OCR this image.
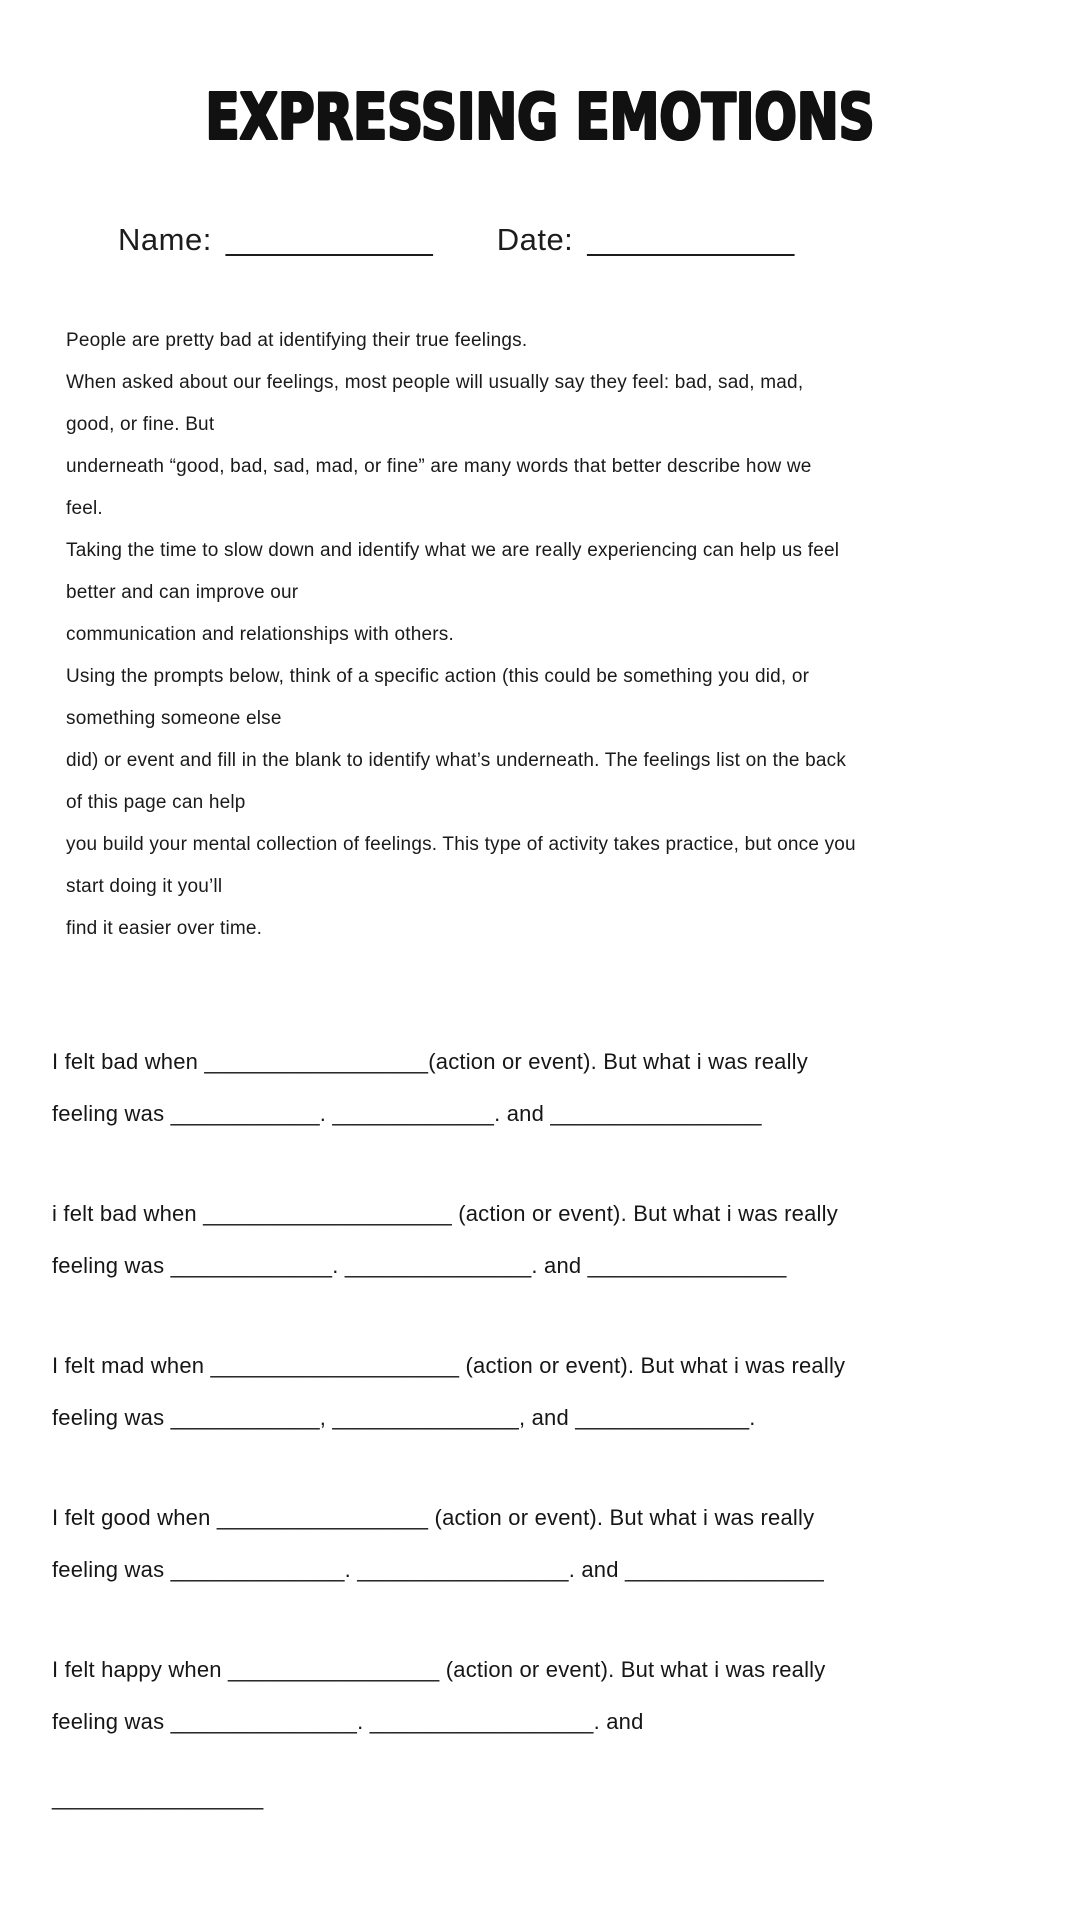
EXPRESSING EMOTIONS
Name: ____________ Date: ____________
People are pretty bad at identifying their true feelings.
When asked about our feelings, most people will usually say they feel: bad, sad, mad,
good, or fine. But
underneath “good, bad, sad, mad, or fine” are many words that better describe how we
feel.
Taking the time to slow down and identify what we are really experiencing can help us feel
better and can improve our
communication and relationships with others.
Using the prompts below, think of a specific action (this could be something you did, or
something someone else
did) or event and fill in the blank to identify what’s underneath. The feelings list on the back
of this page can help
you build your mental collection of feelings. This type of activity takes practice, but once you
start doing it you’ll
find it easier over time.
I felt bad when __________________(action or event). But what i was really
feeling was ____________. _____________. and _________________
i felt bad when ____________________ (action or event). But what i was really
feeling was _____________. _______________. and ________________
I felt mad when ____________________ (action or event). But what i was really
feeling was ____________, _______________, and ______________.
I felt good when _________________ (action or event). But what i was really
feeling was ______________. _________________. and ________________
I felt happy when _________________ (action or event). But what i was really
feeling was _______________. __________________. and
_________________
